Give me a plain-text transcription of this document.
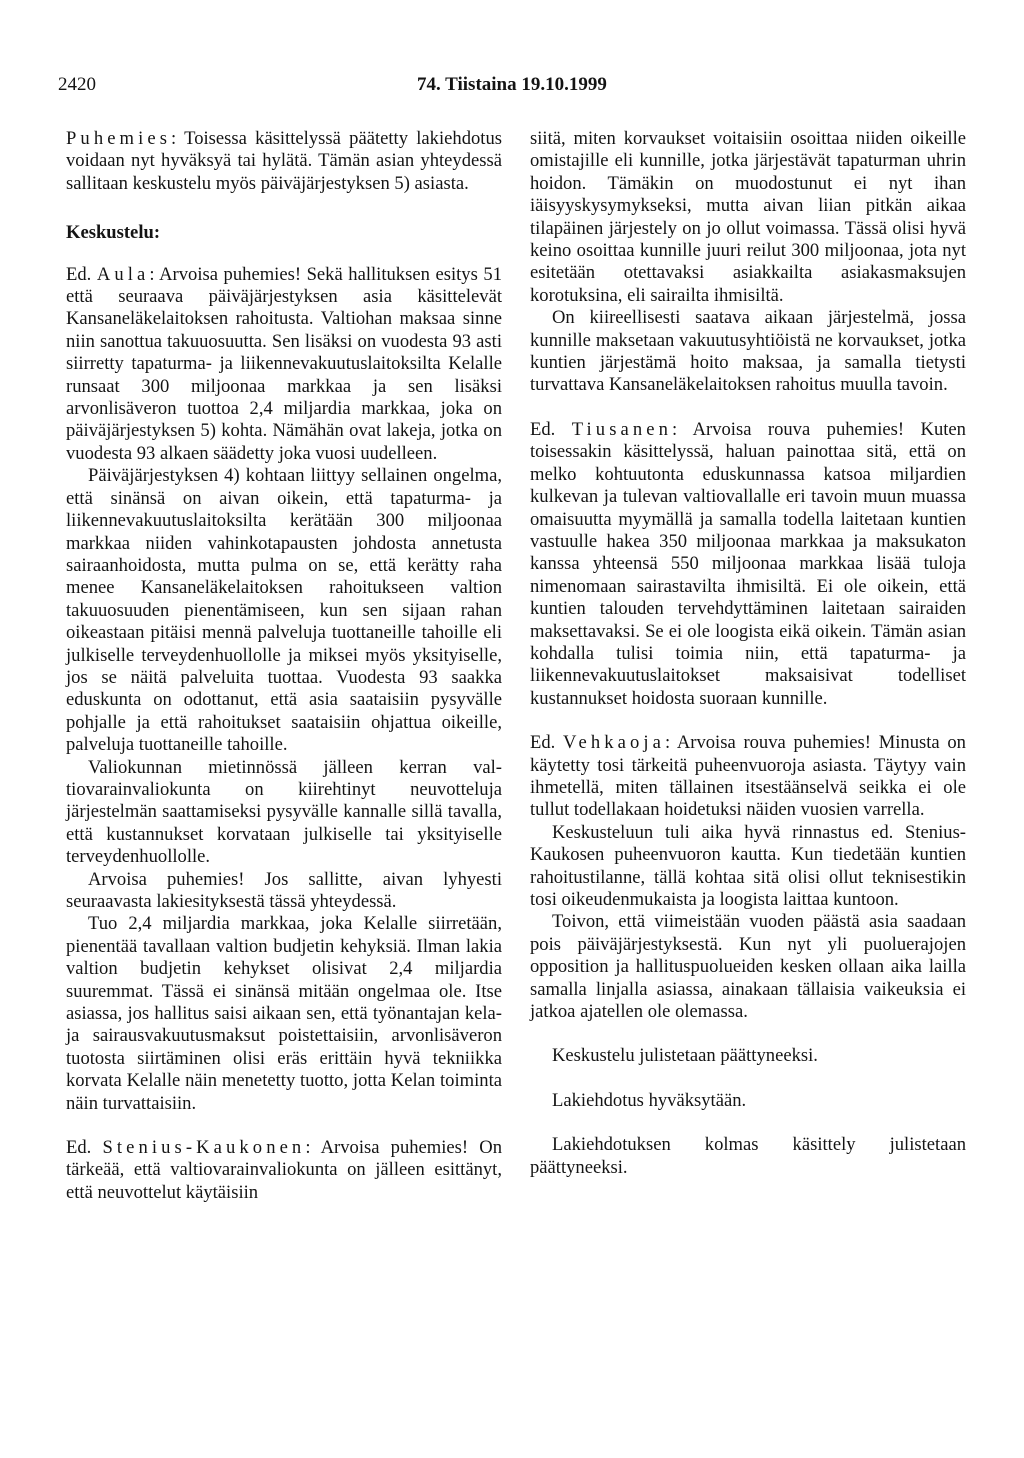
2420	74. Tiistaina 19.10.1999

Puhemies: Toisessa käsittelyssä päätetty lakiehdotus voidaan nyt hyväksyä tai hylätä. Tämän asian yhteydessä sallitaan keskustelu myös päiväjärjestyksen 5) asiasta.

Keskustelu:

Ed. Aula: Arvoisa puhemies! Sekä hallituksen esitys 51 että seuraava päiväjärjestyksen asia käsittelevät Kansaneläkelaitoksen rahoitusta. Valtiohan maksaa sinne niin sanottua takuuosuutta. Sen lisäksi on vuodesta 93 asti siirretty tapaturma- ja liikennevakuutuslaitoksilta Kelalle runsaat 300 miljoonaa markkaa ja sen lisäksi arvonlisäveron tuottoa 2,4 miljardia markkaa, joka on päiväjärjestyksen 5) kohta. Nämähän ovat lakeja, jotka on vuodesta 93 alkaen säädetty joka vuosi uudelleen.

Päiväjärjestyksen 4) kohtaan liittyy sellainen ongelma, että sinänsä on aivan oikein, että tapaturma- ja liikennevakuutuslaitoksilta kerätään 300 miljoonaa markkaa niiden vahinkotapausten johdosta annetusta sairaanhoidosta, mutta pulma on se, että kerätty raha menee Kansaneläkelaitoksen rahoitukseen valtion takuuosuuden pienentämiseen, kun sen sijaan rahan oikeastaan pitäisi mennä palveluja tuottaneille tahoille eli julkiselle terveydenhuollolle ja miksei myös yksityiselle, jos se näitä palveluita tuottaa. Vuodesta 93 saakka eduskunta on odottanut, että asia saataisiin pysyvälle pohjalle ja että rahoitukset saataisiin ohjattua oikeille, palveluja tuottaneille tahoille.

Valiokunnan mietinnössä jälleen kerran valtiovarainvaliokunta on kiirehtinyt neuvotteluja järjestelmän saattamiseksi pysyvälle kannalle sillä tavalla, että kustannukset korvataan julkiselle tai yksityiselle terveydenhuollolle.

Arvoisa puhemies! Jos sallitte, aivan lyhyesti seuraavasta lakiesityksestä tässä yhteydessä.

Tuo 2,4 miljardia markkaa, joka Kelalle siirretään, pienentää tavallaan valtion budjetin kehyksiä. Ilman lakia valtion budjetin kehykset olisivat 2,4 miljardia suuremmat. Tässä ei sinänsä mitään ongelmaa ole. Itse asiassa, jos hallitus saisi aikaan sen, että työnantajan kela- ja sairausvakuutusmaksut poistettaisiin, arvonlisäveron tuotosta siirtäminen olisi eräs erittäin hyvä tekniikka korvata Kelalle näin menetetty tuotto, jotta Kelan toiminta näin turvattaisiin.

Ed. Stenius-Kaukonen: Arvoisa puhemies! On tärkeää, että valtiovarainvaliokunta on jälleen esittänyt, että neuvottelut käytäisiin

siitä, miten korvaukset voitaisiin osoittaa niiden oikeille omistajille eli kunnille, jotka järjestävät tapaturman uhrin hoidon. Tämäkin on muodostunut ei nyt ihan iäisyyskysymykseksi, mutta aivan liian pitkän aikaa tilapäinen järjestely on jo ollut voimassa. Tässä olisi hyvä keino osoittaa kunnille juuri reilut 300 miljoonaa, jota nyt esitetään otettavaksi asiakkailta asiakasmaksujen korotuksina, eli sairailta ihmisiltä.

On kiireellisesti saatava aikaan järjestelmä, jossa kunnille maksetaan vakuutusyhtiöistä ne korvaukset, jotka kuntien järjestämä hoito maksaa, ja samalla tietysti turvattava Kansaneläkelaitoksen rahoitus muulla tavoin.

Ed. Tiusanen: Arvoisa rouva puhemies! Kuten toisessakin käsittelyssä, haluan painottaa sitä, että on melko kohtuutonta eduskunnassa katsoa miljardien kulkevan ja tulevan valtiovallalle eri tavoin muun muassa omaisuutta myymällä ja samalla todella laitetaan kuntien vastuulle hakea 350 miljoonaa markkaa ja maksukaton kanssa yhteensä 550 miljoonaa markkaa lisää tuloja nimenomaan sairastavilta ihmisiltä. Ei ole oikein, että kuntien talouden tervehdyttäminen laitetaan sairaiden maksettavaksi. Se ei ole loogista eikä oikein. Tämän asian kohdalla tulisi toimia niin, että tapaturma- ja liikennevakuutuslaitokset maksaisivat todelliset kustannukset hoidosta suoraan kunnille.

Ed. Vehkaoja: Arvoisa rouva puhemies! Minusta on käytetty tosi tärkeitä puheenvuoroja asiasta. Täytyy vain ihmetellä, miten tällainen itsestäänselvä seikka ei ole tullut todellakaan hoidetuksi näiden vuosien varrella.

Keskusteluun tuli aika hyvä rinnastus ed. Stenius-Kaukosen puheenvuoron kautta. Kun tiedetään kuntien rahoitustilanne, tällä kohtaa sitä olisi ollut teknisestikin tosi oikeudenmukaista ja loogista laittaa kuntoon.

Toivon, että viimeistään vuoden päästä asia saadaan pois päiväjärjestyksestä. Kun nyt yli puoluerajojen opposition ja hallituspuolueiden kesken ollaan aika lailla samalla linjalla asiassa, ainakaan tällaisia vaikeuksia ei jatkoa ajatellen ole olemassa.

Keskustelu julistetaan päättyneeksi.

Lakiehdotus hyväksytään.

Lakiehdotuksen kolmas käsittely julistetaan päättyneeksi.
